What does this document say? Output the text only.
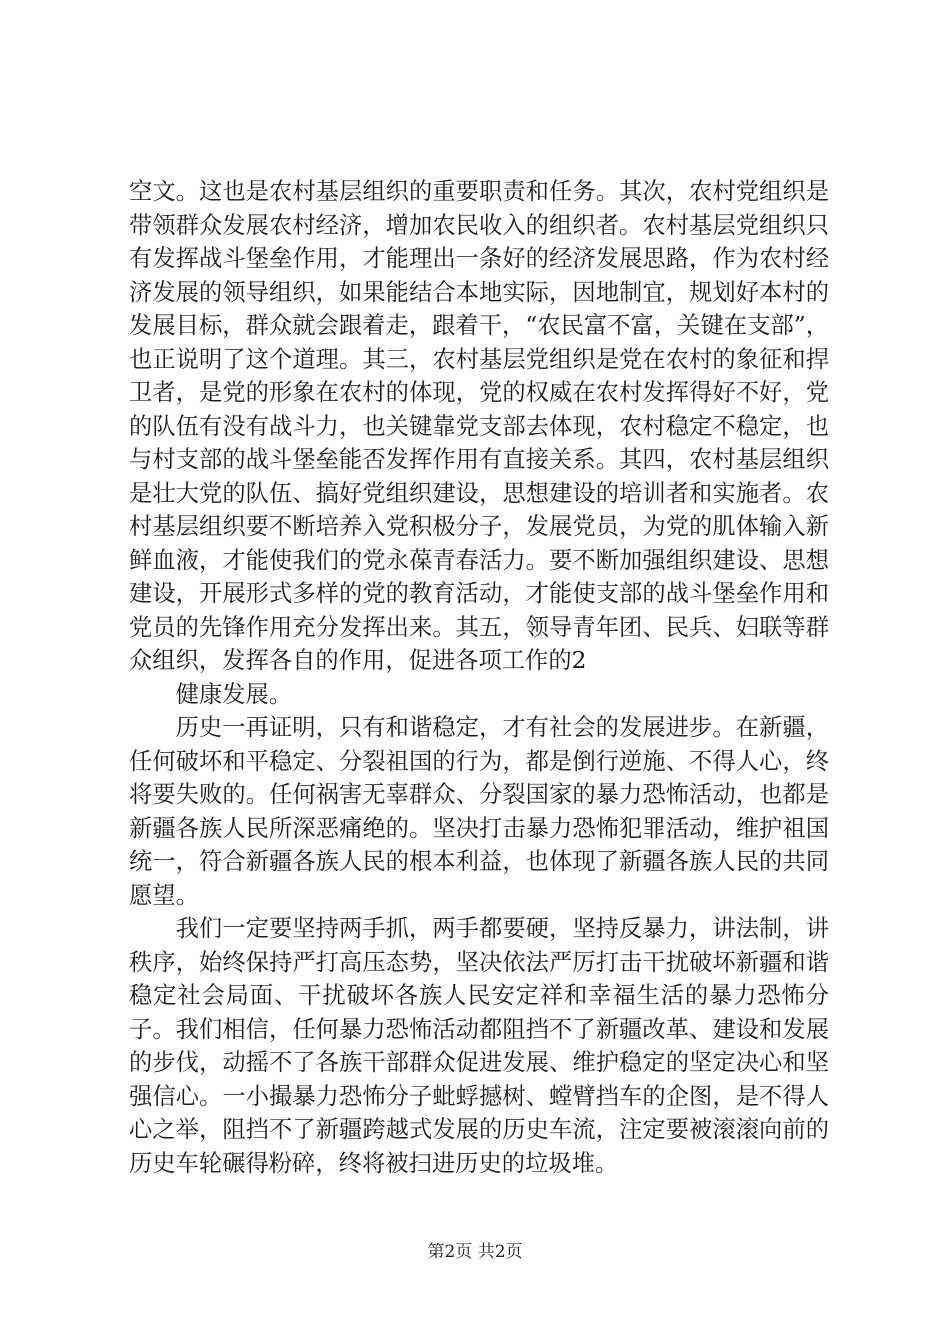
空文。这也是农村基层组织的重要职责和任务。其次，农村党组织是带领群众发展农村经济，增加农民收入的组织者。农村基层党组织只有发挥战斗堡垒作用，才能理出一条好的经济发展思路，作为农村经济发展的领导组织，如果能结合本地实际，因地制宜，规划好本村的发展目标，群众就会跟着走，跟着干，“农民富不富，关键在支部”，也正说明了这个道理。其三，农村基层党组织是党在农村的象征和捍卫者，是党的形象在农村的体现，党的权威在农村发挥得好不好，党的队伍有没有战斗力，也关键靠党支部去体现，农村稳定不稳定，也与村支部的战斗堡垒能否发挥作用有直接关系。其四，农村基层组织是壮大党的队伍、搞好党组织建设，思想建设的培训者和实施者。农村基层组织要不断培养入党积极分子，发展党员，为党的肌体输入新鲜血液，才能使我们的党永葆青春活力。要不断加强组织建设、思想建设，开展形式多样的党的教育活动，才能使支部的战斗堡垒作用和党员的先锋作用充分发挥出来。其五，领导青年团、民兵、妇联等群众组织，发挥各自的作用，促进各项工作的2

健康发展。

历史一再证明，只有和谐稳定，才有社会的发展进步。在新疆，任何破坏和平稳定、分裂祖国的行为，都是倒行逆施、不得人心，终将要失败的。任何祸害无辜群众、分裂国家的暴力恐怖活动，也都是新疆各族人民所深恶痛绝的。坚决打击暴力恐怖犯罪活动，维护祖国统一，符合新疆各族人民的根本利益，也体现了新疆各族人民的共同愿望。

我们一定要坚持两手抓，两手都要硬，坚持反暴力，讲法制，讲秩序，始终保持严打高压态势，坚决依法严厉打击干扰破坏新疆和谐稳定社会局面、干扰破坏各族人民安定祥和幸福生活的暴力恐怖分子。我们相信，任何暴力恐怖活动都阻挡不了新疆改革、建设和发展的步伐，动摇不了各族干部群众促进发展、维护稳定的坚定决心和坚强信心。一小撮暴力恐怖分子蚍蜉撼树、螳臂挡车的企图，是不得人心之举，阻挡不了新疆跨越式发展的历史车流，注定要被滚滚向前的历史车轮碾得粉碎，终将被扫进历史的垃圾堆。

第2页 共2页
